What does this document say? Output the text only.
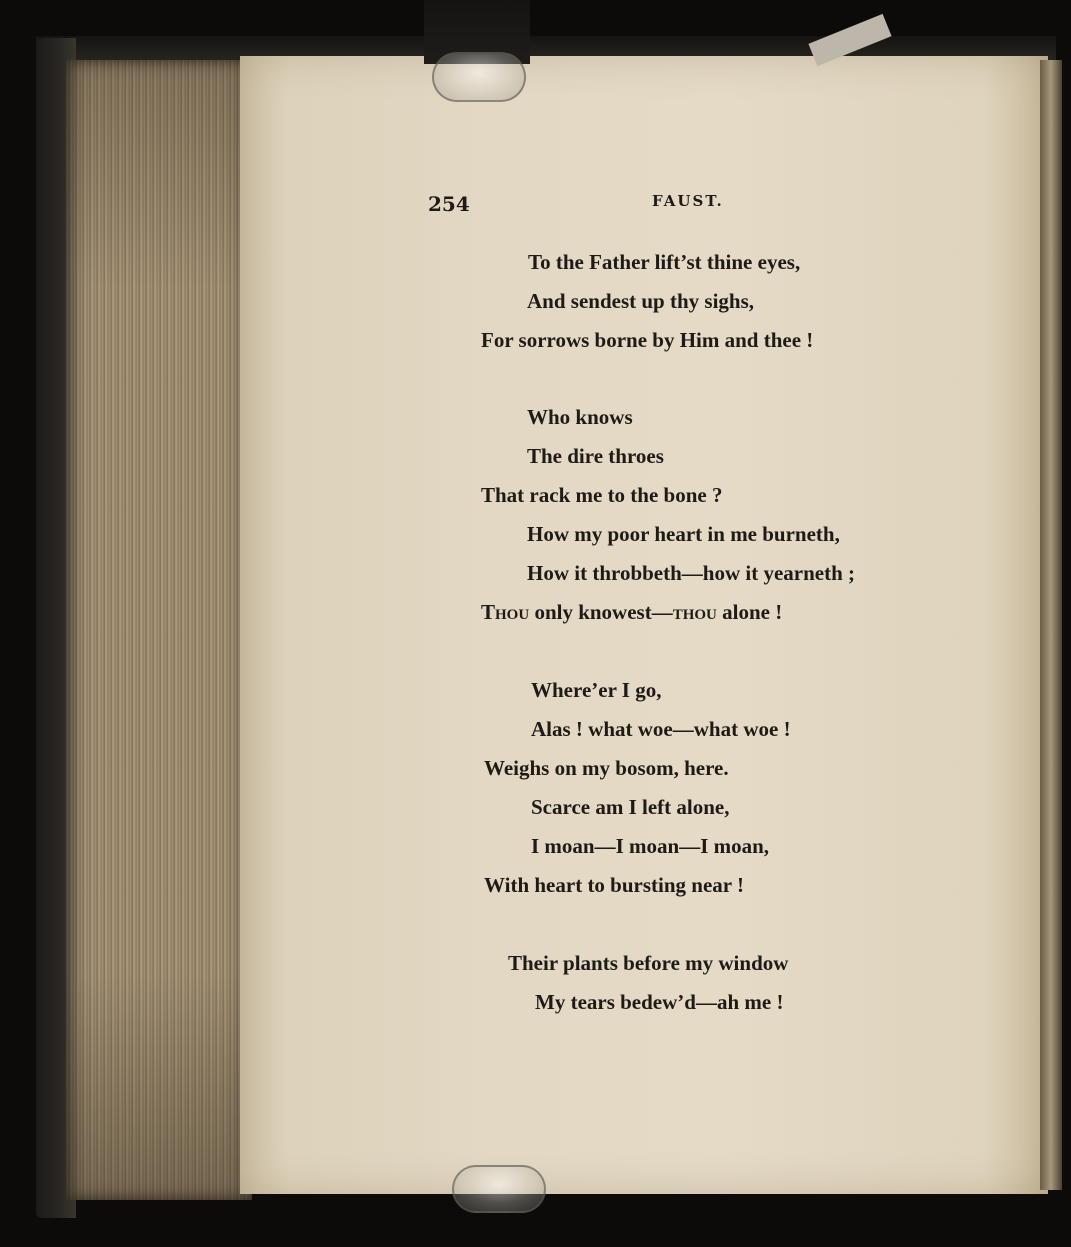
254	FAUST.
To the Father lift’st thine eyes,
And sendest up thy sighs,
For sorrows borne by Him and thee !
Who knows
The dire throes
That rack me to the bone ?
How my poor heart in me burneth,
How it throbbeth—how it yearneth ;
Thou only knowest—thou alone !
Where’er I go,
Alas ! what woe—what woe !
Weighs on my bosom, here.
Scarce am I left alone,
I moan—I moan—I moan,
With heart to bursting near !
Their plants before my window
My tears bedew’d—ah me !
